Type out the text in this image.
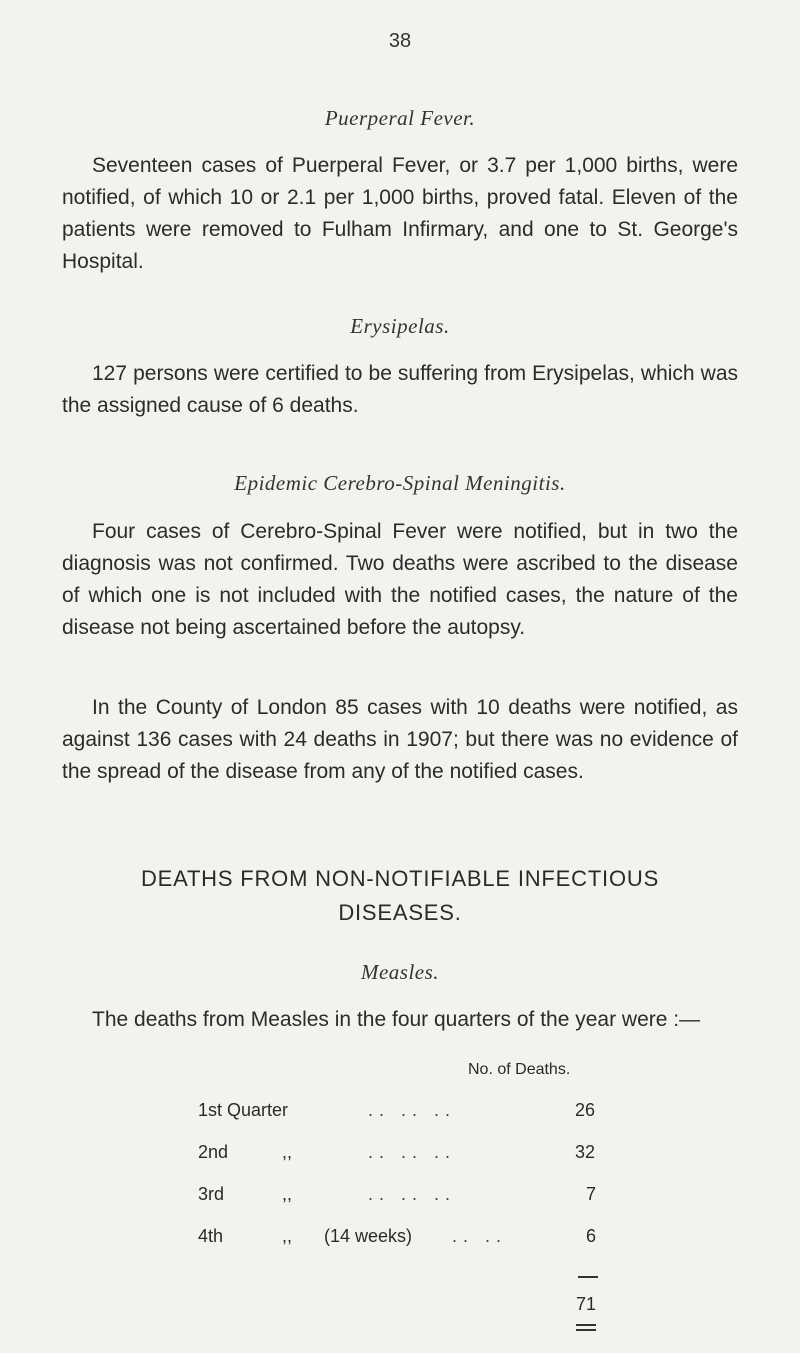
38
Puerperal Fever.

Seventeen cases of Puerperal Fever, or 3.7 per 1,000 births, were notified, of which 10 or 2.1 per 1,000 births, proved fatal. Eleven of the patients were removed to Fulham Infirmary, and one to St. George's Hospital.

Erysipelas.

127 persons were certified to be suffering from Erysipelas, which was the assigned cause of 6 deaths.

Epidemic Cerebro-Spinal Meningitis.

Four cases of Cerebro-Spinal Fever were notified, but in two the diagnosis was not confirmed. Two deaths were ascribed to the disease of which one is not included with the notified cases, the nature of the disease not being ascertained before the autopsy.

In the County of London 85 cases with 10 deaths were notified, as against 136 cases with 24 deaths in 1907; but there was no evidence of the spread of the disease from any of the notified cases.

DEATHS FROM NON-NOTIFIABLE INFECTIOUS
DISEASES.
Measles.

The deaths from Measles in the four quarters of the year were :—

No. of Deaths.
1st Quarter	.. .. ..	26
2nd	,,	.. .. ..	32
3rd	,,	.. .. ..	7
4th	,, (14 weeks) .. ..	6
71
